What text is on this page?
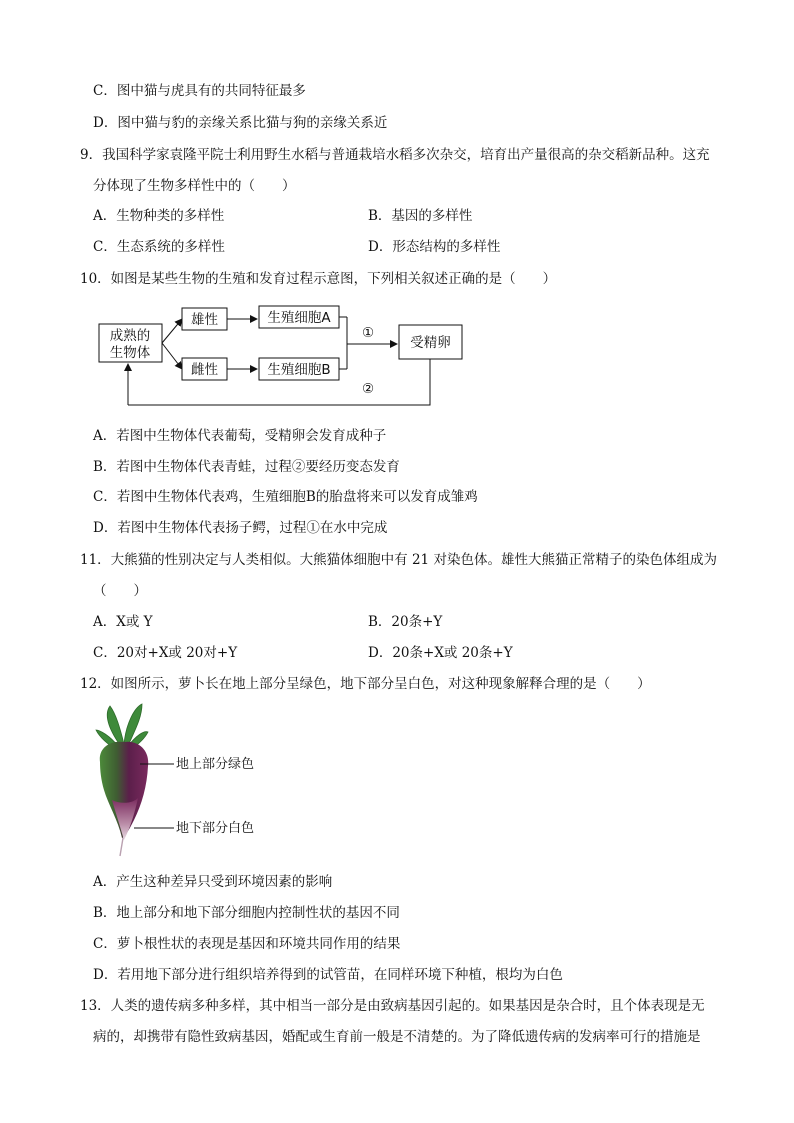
C．图中猫与虎具有的共同特征最多
D．图中猫与豹的亲缘关系比猫与狗的亲缘关系近
9．我国科学家袁隆平院士利用野生水稻与普通栽培水稻多次杂交，培育出产量很高的杂交稻新品种。这充
分体现了生物多样性中的（　　）
A．生物种类的多样性	B．基因的多样性
C．生态系统的多样性	D．形态结构的多样性
10．如图是某些生物的生殖和发育过程示意图，下列相关叙述正确的是（　　）
成熟的
生物体
雄性
雌性
生殖细胞A
生殖细胞B
受精卵
①
②
A．若图中生物体代表葡萄，受精卵会发育成种子
B．若图中生物体代表青蛙，过程②要经历变态发育
C．若图中生物体代表鸡，生殖细胞B的胎盘将来可以发育成雏鸡
D．若图中生物体代表扬子鳄，过程①在水中完成
11．大熊猫的性别决定与人类相似。大熊猫体细胞中有 21 对染色体。雄性大熊猫正常精子的染色体组成为
（　　）
A．X或 Y	B．20条+Y
C．20对+X或 20对+Y	D．20条+X或 20条+Y
12．如图所示，萝卜长在地上部分呈绿色，地下部分呈白色，对这种现象解释合理的是（　　）
地上部分绿色
地下部分白色
A．产生这种差异只受到环境因素的影响
B．地上部分和地下部分细胞内控制性状的基因不同
C．萝卜根性状的表现是基因和环境共同作用的结果
D．若用地下部分进行组织培养得到的试管苗，在同样环境下种植，根均为白色
13．人类的遗传病多种多样，其中相当一部分是由致病基因引起的。如果基因是杂合时，且个体表现是无
病的，却携带有隐性致病基因，婚配或生育前一般是不清楚的。为了降低遗传病的发病率可行的措施是
